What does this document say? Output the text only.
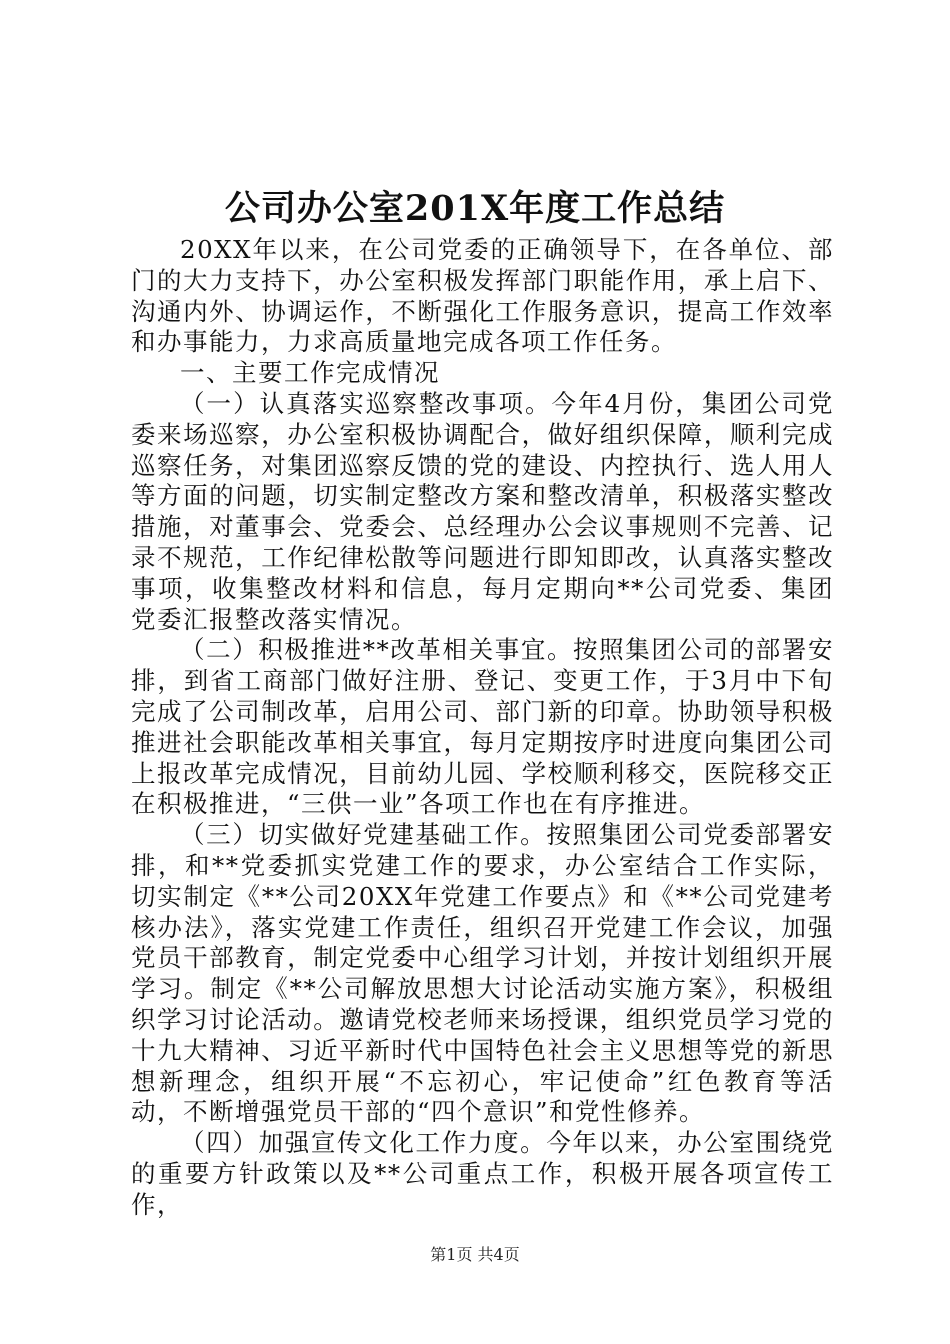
公司办公室201X年度工作总结

20XX年以来，在公司党委的正确领导下，在各单位、部门的大力支持下，办公室积极发挥部门职能作用，承上启下、沟通内外、协调运作，不断强化工作服务意识，提高工作效率和办事能力，力求高质量地完成各项工作任务。

一、主要工作完成情况

（一）认真落实巡察整改事项。今年4月份，集团公司党委来场巡察，办公室积极协调配合，做好组织保障，顺利完成巡察任务，对集团巡察反馈的党的建设、内控执行、选人用人等方面的问题，切实制定整改方案和整改清单，积极落实整改措施，对董事会、党委会、总经理办公会议事规则不完善、记录不规范，工作纪律松散等问题进行即知即改，认真落实整改事项，收集整改材料和信息，每月定期向**公司党委、集团党委汇报整改落实情况。

（二）积极推进**改革相关事宜。按照集团公司的部署安排，到省工商部门做好注册、登记、变更工作，于3月中下旬完成了公司制改革，启用公司、部门新的印章。协助领导积极推进社会职能改革相关事宜，每月定期按序时进度向集团公司上报改革完成情况，目前幼儿园、学校顺利移交，医院移交正在积极推进，“三供一业”各项工作也在有序推进。

（三）切实做好党建基础工作。按照集团公司党委部署安排，和**党委抓实党建工作的要求，办公室结合工作实际，切实制定《**公司20XX年党建工作要点》和《**公司党建考核办法》，落实党建工作责任，组织召开党建工作会议，加强党员干部教育，制定党委中心组学习计划，并按计划组织开展学习。制定《**公司解放思想大讨论活动实施方案》，积极组织学习讨论活动。邀请党校老师来场授课，组织党员学习党的十九大精神、习近平新时代中国特色社会主义思想等党的新思想新理念，组织开展“不忘初心，牢记使命”红色教育等活动，不断增强党员干部的“四个意识”和党性修养。

（四）加强宣传文化工作力度。今年以来，办公室围绕党的重要方针政策以及**公司重点工作，积极开展各项宣传工作，

第1页 共4页
